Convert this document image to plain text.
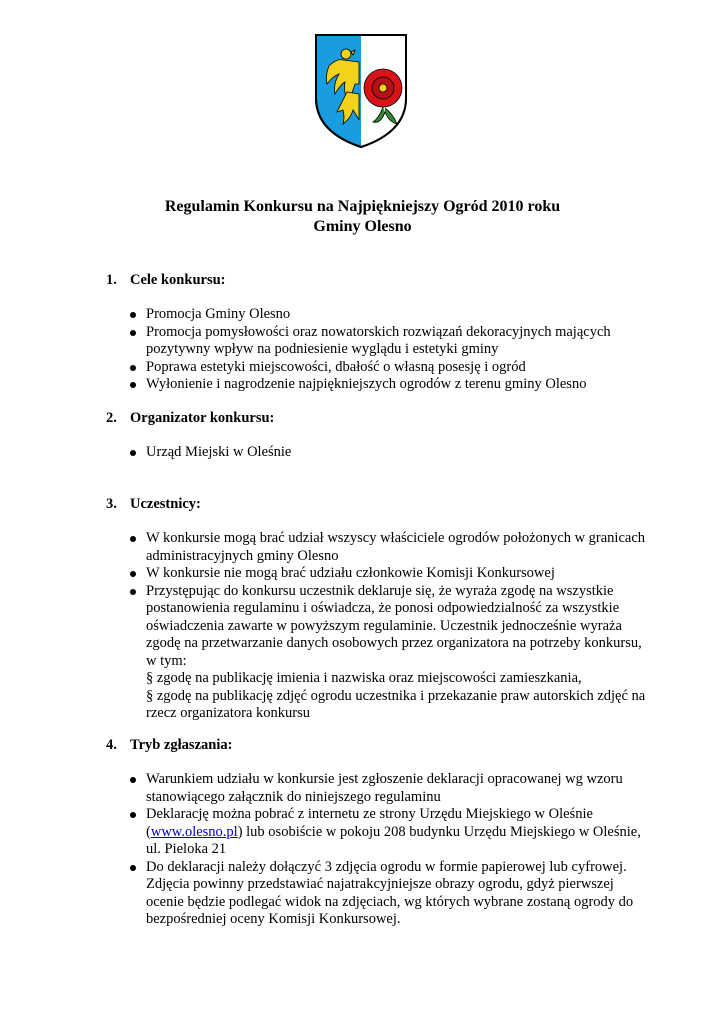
Regulamin Konkursu na Najpiękniejszy Ogród 2010 roku
Gminy Olesno
1. Cele konkursu:
Promocja Gminy Olesno
Promocja pomysłowości oraz nowatorskich rozwiązań dekoracyjnych mających pozytywny wpływ na podniesienie wyglądu i estetyki gminy
Poprawa estetyki miejscowości, dbałość o własną posesję i ogród
Wyłonienie i nagrodzenie najpiękniejszych ogrodów z terenu gminy Olesno
2. Organizator konkursu:
Urząd Miejski w Oleśnie
3. Uczestnicy:
W konkursie mogą brać udział wszyscy właściciele ogrodów położonych w granicach administracyjnych gminy Olesno
W konkursie nie mogą brać udziału członkowie Komisji Konkursowej
Przystępując do konkursu uczestnik deklaruje się, że wyraża zgodę na wszystkie postanowienia regulaminu i oświadcza, że ponosi odpowiedzialność za wszystkie oświadczenia zawarte w powyższym regulaminie. Uczestnik jednocześnie wyraża zgodę na przetwarzanie danych osobowych przez organizatora na potrzeby konkursu, w tym:
§ zgodę na publikację imienia i nazwiska oraz miejscowości zamieszkania,
§ zgodę na publikację zdjęć ogrodu uczestnika i przekazanie praw autorskich zdjęć na rzecz organizatora konkursu
4. Tryb zgłaszania:
Warunkiem udziału w konkursie jest zgłoszenie deklaracji opracowanej wg wzoru stanowiącego załącznik do niniejszego regulaminu
Deklarację można pobrać z internetu ze strony Urzędu Miejskiego w Oleśnie (www.olesno.pl) lub osobiście w pokoju 208 budynku Urzędu Miejskiego w Oleśnie, ul. Pieloka 21
Do deklaracji należy dołączyć 3 zdjęcia ogrodu w formie papierowej lub cyfrowej. Zdjęcia powinny przedstawiać najatrakcyjniejsze obrazy ogrodu, gdyż pierwszej ocenie będzie podlegać widok na zdjęciach, wg których wybrane zostaną ogrody do bezpośredniej oceny Komisji Konkursowej.
